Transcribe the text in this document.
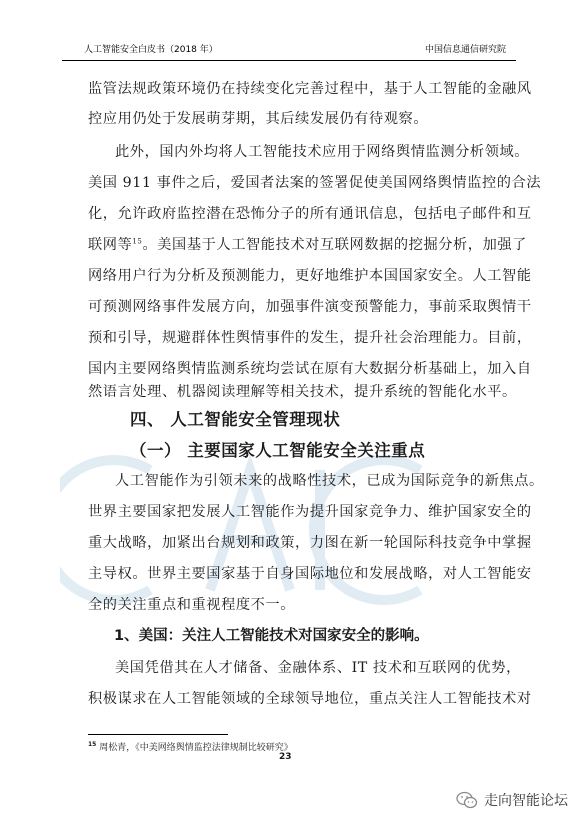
人工智能安全白皮书（2018 年）	中国信息通信研究院
监管法规政策环境仍在持续变化完善过程中，基于人工智能的金融风
控应用仍处于发展萌芽期，其后续发展仍有待观察。
此外，国内外均将人工智能技术应用于网络舆情监测分析领域。
美国 911 事件之后，爱国者法案的签署促使美国网络舆情监控的合法
化，允许政府监控潜在恐怖分子的所有通讯信息，包括电子邮件和互
联网等$^{15}$。美国基于人工智能技术对互联网数据的挖掘分析，加强了
网络用户行为分析及预测能力，更好地维护本国国家安全。人工智能
可预测网络事件发展方向，加强事件演变预警能力，事前采取舆情干
预和引导，规避群体性舆情事件的发生，提升社会治理能力。目前，
国内主要网络舆情监测系统均尝试在原有大数据分析基础上，加入自
然语言处理、机器阅读理解等相关技术，提升系统的智能化水平。
四、 人工智能安全管理现状
（一） 主要国家人工智能安全关注重点
人工智能作为引领未来的战略性技术，已成为国际竞争的新焦点。
世界主要国家把发展人工智能作为提升国家竞争力、维护国家安全的
重大战略，加紧出台规划和政策，力图在新一轮国际科技竞争中掌握
主导权。世界主要国家基于自身国际地位和发展战略，对人工智能安
全的关注重点和重视程度不一。
1、美国：关注人工智能技术对国家安全的影响。
美国凭借其在人才储备、金融体系、IT 技术和互联网的优势，
积极谋求在人工智能领域的全球领导地位，重点关注人工智能技术对
$^{15}$ 周松青，《中美网络舆情监控法律规制比较研究》
23
走向智能论坛
